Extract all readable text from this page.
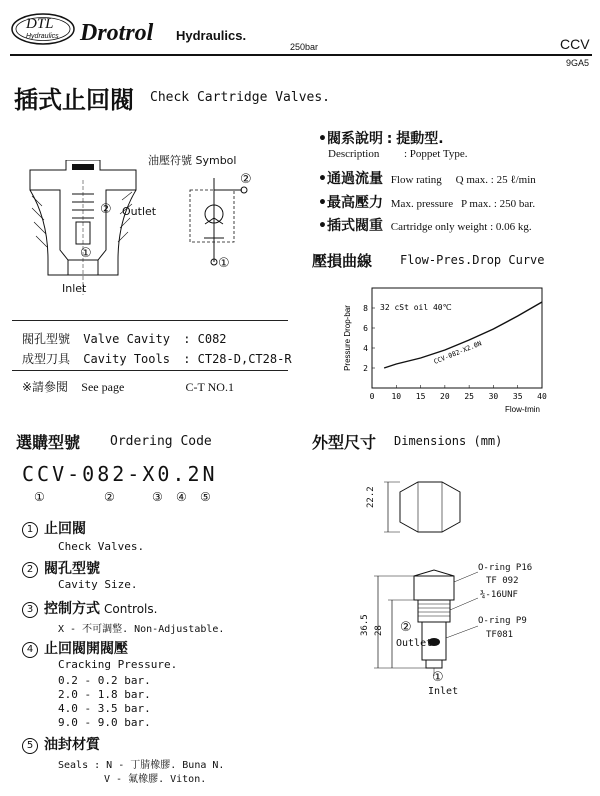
DTL
Hydraulics Drotrol Hydraulics.
250bar	CCV
9GA5
插式止回閥 Check Cartridge Valves.
油壓符號 Symbol
② Outlet
①
Inlet
②
①
•閥系說明 : 提動型.
Description : Poppet Type.
•通過流量 Flow rating Q max. : 25 ℓ/min
•最高壓力 Max. pressure P max. : 250 bar.
•插式閥重 Cartridge only weight : 0.06 kg.
壓損曲線 Flow-Pres.Drop Curve
0 10 15 20 25 30 35 40
2
4
6
8
CCV-082-X2.0N
32 cSt oil 40℃
Flow-ℓmin
Pressure Drop-bar
閥孔型號 Valve Cavity : C082
成型刀具 Cavity Tools : CT28-D,CT28-R
※請參閱 See page	C-T NO.1
選購型號 Ordering Code
CCV-082-X0.2N
①	②	③ ④ ⑤
1 止回閥
Check Valves.
2 閥孔型號
Cavity Size.
3 控制方式 Controls.
X - 不可調整. Non-Adjustable.
4 止回閥開閥壓
Cracking Pressure.
0.2 - 0.2 bar.
2.0 - 1.8 bar.
4.0 - 3.5 bar.
9.0 - 9.0 bar.
5 油封材質
Seals : N - 丁腈橡膠. Buna N.
V - 氟橡膠. Viton.
外型尺寸 Dimensions (mm)
22.2
36.5 28
O-ring P16
TF 092
¾-16UNF
O-ring P9
TF081
②
Outlet
①
Inlet
